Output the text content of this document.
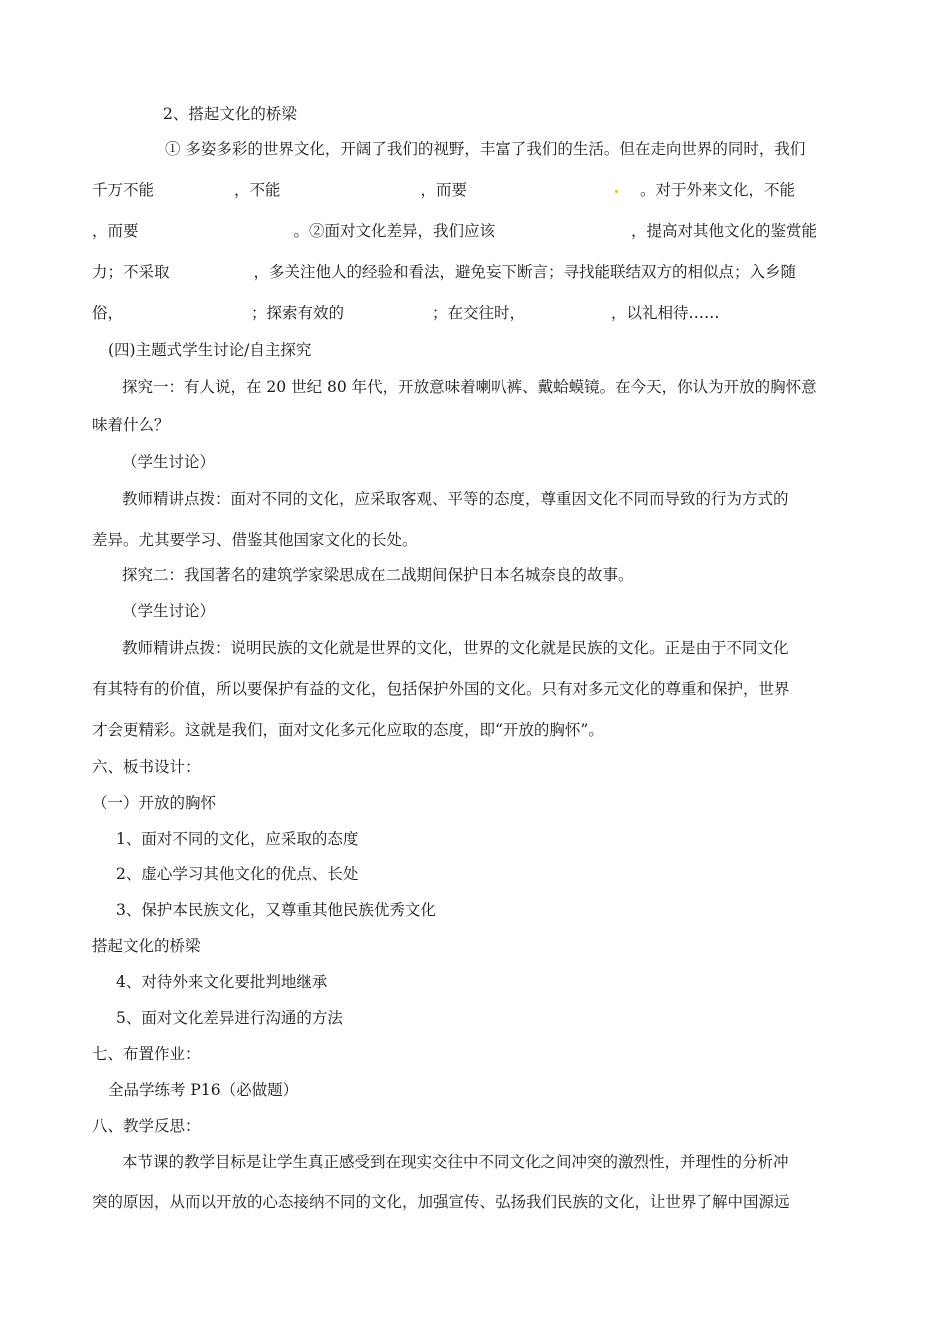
2、搭起文化的桥梁
① 多姿多彩的世界文化，开阔了我们的视野，丰富了我们的生活。但在走向世界的同时，我们
千万不能	，不能	，而要	。对于外来文化，不能
，而要	。②面对文化差异，我们应该	，提高对其他文化的鉴赏能
力；不采取	，多关注他人的经验和看法，避免妄下断言；寻找能联结双方的相似点；入乡随
俗，	；探索有效的	；在交往时，	，以礼相待……
(四)主题式学生讨论/自主探究
探究一：有人说，在 20 世纪 80 年代，开放意味着喇叭裤、戴蛤蟆镜。在今天，你认为开放的胸怀意
味着什么？
（学生讨论）
教师精讲点拨：面对不同的文化，应采取客观、平等的态度，尊重因文化不同而导致的行为方式的
差异。尤其要学习、借鉴其他国家文化的长处。
探究二：我国著名的建筑学家梁思成在二战期间保护日本名城奈良的故事。
（学生讨论）
教师精讲点拨：说明民族的文化就是世界的文化，世界的文化就是民族的文化。正是由于不同文化
有其特有的价值，所以要保护有益的文化，包括保护外国的文化。只有对多元文化的尊重和保护，世界
才会更精彩。这就是我们，面对文化多元化应取的态度，即“开放的胸怀”。
六、板书设计：
（一）开放的胸怀
1、面对不同的文化，应采取的态度
2、虚心学习其他文化的优点、长处
3、保护本民族文化，又尊重其他民族优秀文化
搭起文化的桥梁
4、对待外来文化要批判地继承
5、面对文化差异进行沟通的方法
七、布置作业：
全品学练考 P16（必做题）
八、教学反思：
本节课的教学目标是让学生真正感受到在现实交往中不同文化之间冲突的激烈性，并理性的分析冲
突的原因，从而以开放的心态接纳不同的文化，加强宣传、弘扬我们民族的文化，让世界了解中国源远
